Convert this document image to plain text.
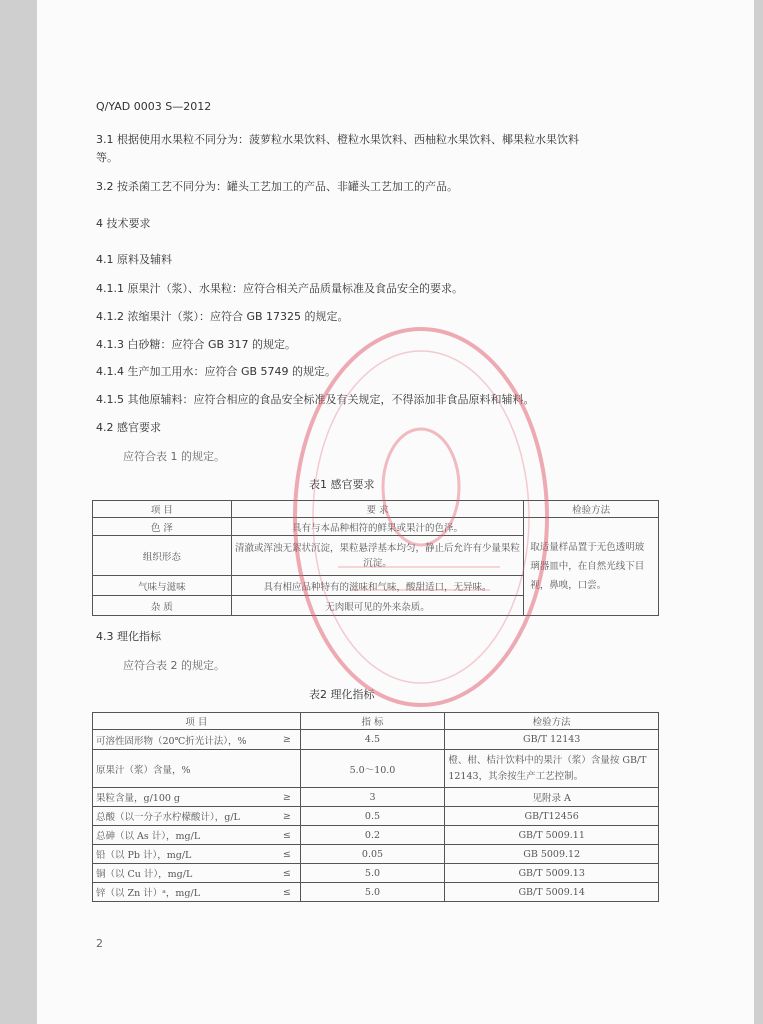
Q/YAD 0003 S—2012
3.1 根据使用水果粒不同分为：菠萝粒水果饮料、橙粒水果饮料、西柚粒水果饮料、椰果粒水果饮料
等。
3.2 按杀菌工艺不同分为：罐头工艺加工的产品、非罐头工艺加工的产品。
4 技术要求
4.1 原料及辅料
4.1.1 原果汁（浆）、水果粒：应符合相关产品质量标准及食品安全的要求。
4.1.2 浓缩果汁（浆）：应符合 GB 17325 的规定。
4.1.3 白砂糖：应符合 GB 317 的规定。
4.1.4 生产加工用水：应符合 GB 5749 的规定。
4.1.5 其他原辅料：应符合相应的食品安全标准及有关规定，不得添加非食品原料和辅料。
4.2 感官要求
应符合表 1 的规定。
表1 感官要求
项 目	要 求	检验方法
色 泽	具有与本品种相符的鲜果或果汁的色泽。	取适量样品置于无色透明玻璃器皿中，在自然光线下目视，鼻嗅，口尝。
组织形态	清澈或浑浊无絮状沉淀，果粒悬浮基本均匀，静止后允许有少量果粒沉淀。	
气味与滋味	具有相应品种特有的滋味和气味，酸甜适口，无异味。	
杂 质	无肉眼可见的外来杂质。	
4.3 理化指标
应符合表 2 的规定。
表2 理化指标
项 目		指 标	检验方法
可溶性固形物（20℃折光计法），%	≥	4.5	GB/T 12143
原果汁（浆）含量，%		5.0～10.0	橙、柑、桔汁饮料中的果汁（浆）含量按 GB/T 12143，其余按生产工艺控制。
果粒含量，g/100 g	≥	3	见附录 A
总酸（以一分子水柠檬酸计），g/L	≥	0.5	GB/T12456
总砷（以 As 计），mg/L	≤	0.2	GB/T 5009.11
铅（以 Pb 计），mg/L	≤	0.05	GB 5009.12
铜（以 Cu 计），mg/L	≤	5.0	GB/T 5009.13
锌（以 Zn 计）ᵃ，mg/L	≤	5.0	GB/T 5009.14
2
